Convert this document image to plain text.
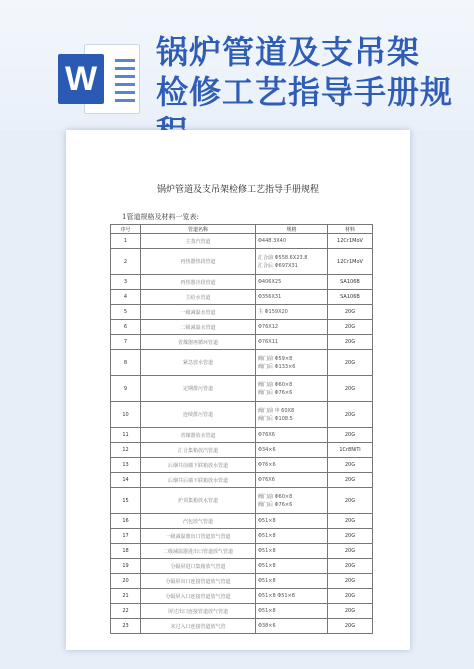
W
锅炉管道及支吊架
检修工艺指导手册规
锅炉管道及支吊架检修工艺指导手册规程
1管道规格及材料一览表:
序号	管道名称	规格	材料
1	主蒸汽管道	Φ448.3X40	12Cr1MoV
2	再热器热段管道	汇合前 Φ558.6X23.8
汇合后 Φ697X31	12Cr1MoV
3	再热器冷段管道	Φ406X25	SA106B
4	主给水管道	Φ356X31	SA106B
5	一级减温水管道	主 Φ159X20	20G
6	二级减温水管道	Φ76X12	20G
7	省煤器再循环管道	Φ76X11	20G
8	紧急放水管道	阀门前 Φ59×8
阀门后 Φ133×6	20G
9	定期排污管道	阀门前 Φ60×8
阀门后 Φ76×6	20G
10	连续排污管道	阀门前 中 60X8
阀门后 Φ108.5	20G
11	省煤器放水管道	Φ76X6	20G
12	汇合集箱放汽管道	Φ34×6	1Cr8NiTi
13	后烟井前墙下联箱放水管道	Φ76×6	20G
14	后烟井后墙下联箱放水管道	Φ76X6	20G
15	炉顶集箱放水管道	阀门前 Φ60×8
阀门后 Φ76×6	20G
16	汽包放气管道	Φ51×8	20G
17	一级减温器出口管道放气管道	Φ51×8	20G
18	二级减温器进出口管道放气管道	Φ51×8	20G
19	分隔屏进口集箱放气管道	Φ51×8	20G
20	分隔屏出口连接管道放气管道	Φ51×8	20G
21	分隔屏入口连接管道放气管道	Φ51×8 Φ51×8	20G
22	屏过出口连接管道放气管道	Φ51×8	20G
23	末过入口连接管道放气管	Φ38×6	20G
